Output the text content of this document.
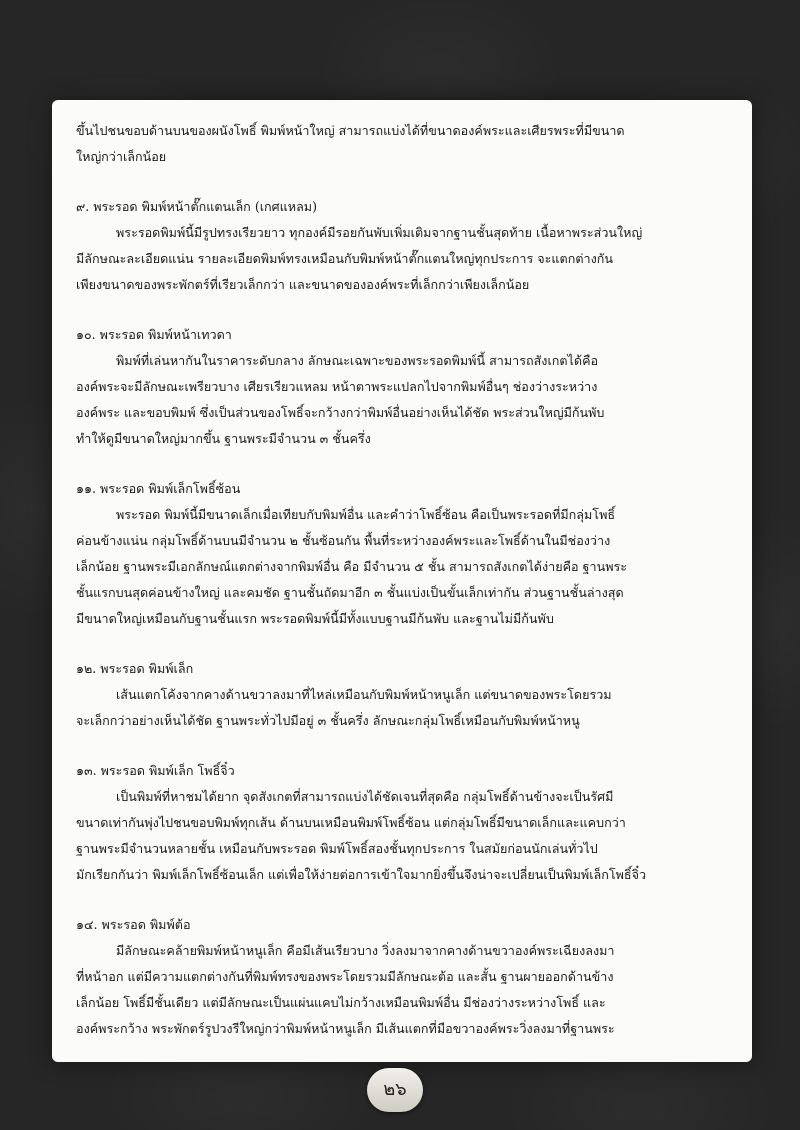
ขึ้นไปชนขอบด้านบนของผนังโพธิ์ พิมพ์หน้าใหญ่ สามารถแบ่งได้ที่ขนาดองค์พระและเศียรพระที่มีขนาด

ใหญ่กว่าเล็กน้อย

๙. พระรอด พิมพ์หน้าตั๊กแตนเล็ก (เกศแหลม)

พระรอดพิมพ์นี้มีรูปทรงเรียวยาว ทุกองค์มีรอยกันพับเพิ่มเติมจากฐานชั้นสุดท้าย เนื้อหาพระส่วนใหญ่

มีลักษณะละเอียดแน่น รายละเอียดพิมพ์ทรงเหมือนกับพิมพ์หน้าตั๊กแตนใหญ่ทุกประการ จะแตกต่างกัน

เพียงขนาดของพระพักตร์ที่เรียวเล็กกว่า และขนาดขององค์พระที่เล็กกว่าเพียงเล็กน้อย

๑๐. พระรอด พิมพ์หน้าเทวดา

พิมพ์ที่เล่นหากันในราคาระดับกลาง ลักษณะเฉพาะของพระรอดพิมพ์นี้ สามารถสังเกตได้คือ

องค์พระจะมีลักษณะเพรียวบาง เศียรเรียวแหลม หน้าตาพระแปลกไปจากพิมพ์อื่นๆ ช่องว่างระหว่าง

องค์พระ และขอบพิมพ์ ซึ่งเป็นส่วนของโพธิ์จะกว้างกว่าพิมพ์อื่นอย่างเห็นได้ชัด พระส่วนใหญ่มีก้นพับ

ทำให้ดูมีขนาดใหญ่มากขึ้น ฐานพระมีจำนวน ๓ ชั้นครึ่ง

๑๑. พระรอด พิมพ์เล็กโพธิ์ซ้อน

พระรอด พิมพ์นี้มีขนาดเล็กเมื่อเทียบกับพิมพ์อื่น และคำว่าโพธิ์ซ้อน คือเป็นพระรอดที่มีกลุ่มโพธิ์

ค่อนข้างแน่น กลุ่มโพธิ์ด้านบนมีจำนวน ๒ ชั้นซ้อนกัน พื้นที่ระหว่างองค์พระและโพธิ์ด้านในมีช่องว่าง

เล็กน้อย ฐานพระมีเอกลักษณ์แตกต่างจากพิมพ์อื่น คือ มีจำนวน ๕ ชั้น สามารถสังเกตได้ง่ายคือ ฐานพระ

ชั้นแรกบนสุดค่อนข้างใหญ่ และคมชัด ฐานชั้นถัดมาอีก ๓ ชั้นแบ่งเป็นขั้นเล็กเท่ากัน ส่วนฐานชั้นล่างสุด

มีขนาดใหญ่เหมือนกับฐานชั้นแรก พระรอดพิมพ์นี้มีทั้งแบบฐานมีก้นพับ และฐานไม่มีก้นพับ

๑๒. พระรอด พิมพ์เล็ก

เส้นแตกโค้งจากคางด้านขวาลงมาที่ไหล่เหมือนกับพิมพ์หน้าหนูเล็ก แต่ขนาดของพระโดยรวม

จะเล็กกว่าอย่างเห็นได้ชัด ฐานพระทั่วไปมีอยู่ ๓ ชั้นครึ่ง ลักษณะกลุ่มโพธิ์เหมือนกับพิมพ์หน้าหนู

๑๓. พระรอด พิมพ์เล็ก โพธิ์จิ๋ว

เป็นพิมพ์ที่หาชมได้ยาก จุดสังเกตที่สามารถแบ่งได้ชัดเจนที่สุดคือ กลุ่มโพธิ์ด้านข้างจะเป็นรัศมี

ขนาดเท่ากันพุ่งไปชนขอบพิมพ์ทุกเส้น ด้านบนเหมือนพิมพ์โพธิ์ซ้อน แต่กลุ่มโพธิ์มีขนาดเล็กและแคบกว่า

ฐานพระมีจำนวนหลายชั้น เหมือนกับพระรอด พิมพ์โพธิ์สองชั้นทุกประการ ในสมัยก่อนนักเล่นทั่วไป

มักเรียกกันว่า พิมพ์เล็กโพธิ์ซ้อนเล็ก แต่เพื่อให้ง่ายต่อการเข้าใจมากยิ่งขึ้นจึงน่าจะเปลี่ยนเป็นพิมพ์เล็กโพธิ์จิ๋ว

๑๔. พระรอด พิมพ์ต้อ

มีลักษณะคล้ายพิมพ์หน้าหนูเล็ก คือมีเส้นเรียวบาง วิ่งลงมาจากคางด้านขวาองค์พระเฉียงลงมา

ที่หน้าอก แต่มีความแตกต่างกันที่พิมพ์ทรงของพระโดยรวมมีลักษณะต้อ และสั้น ฐานผายออกด้านข้าง

เล็กน้อย โพธิ์มีชั้นเดียว แต่มีลักษณะเป็นแผ่นแคบไม่กว้างเหมือนพิมพ์อื่น มีช่องว่างระหว่างโพธิ์ และ

องค์พระกว้าง พระพักตร์รูปวงรีใหญ่กว่าพิมพ์หน้าหนูเล็ก มีเส้นแตกที่มือขวาองค์พระวิ่งลงมาที่ฐานพระ

๒๖
